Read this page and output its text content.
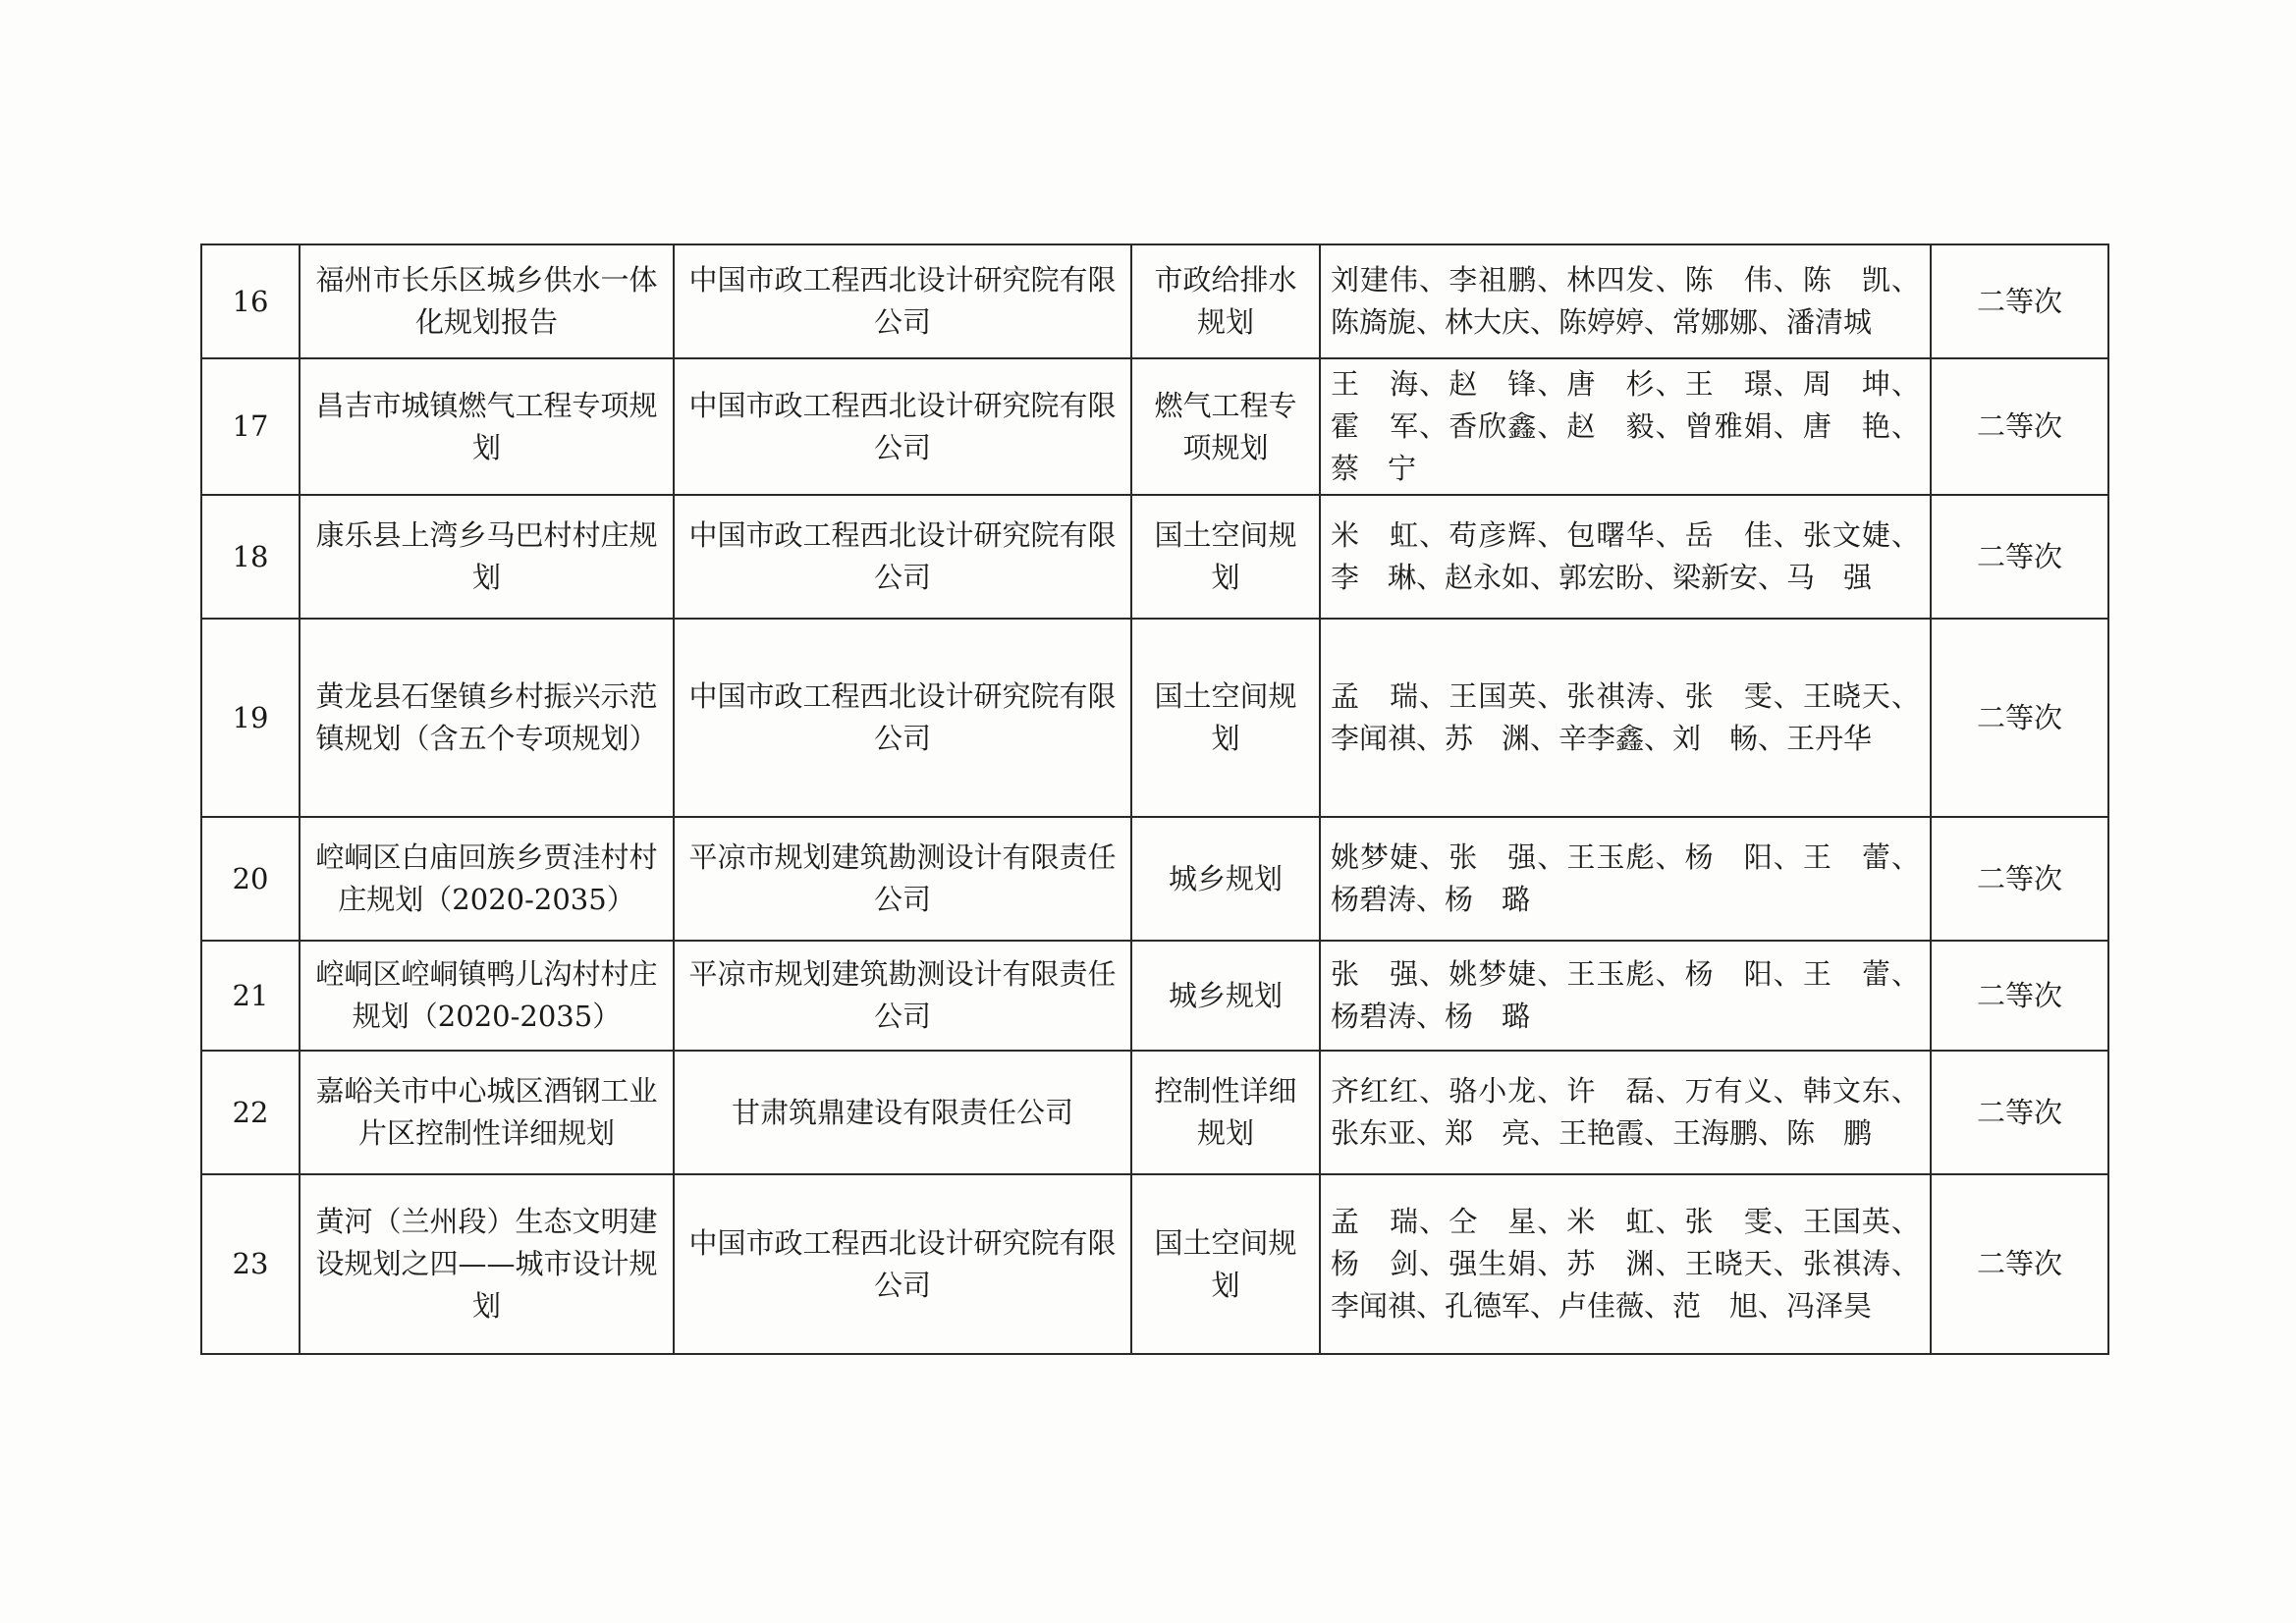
16	福州市长乐区城乡供水一体化规划报告	中国市政工程西北设计研究院有限公司	市政给排水规划	刘建伟、李祖鹏、林四发、陈　伟、陈　凯、陈旖旎、林大庆、陈婷婷、常娜娜、潘清城	二等次
17	昌吉市城镇燃气工程专项规划	中国市政工程西北设计研究院有限公司	燃气工程专项规划	王　海、赵　锋、唐　杉、王　璟、周　坤、霍　军、香欣鑫、赵　毅、曾雅娟、唐　艳、蔡　宁	二等次
18	康乐县上湾乡马巴村村庄规划	中国市政工程西北设计研究院有限公司	国土空间规划	米　虹、苟彦辉、包曙华、岳　佳、张文婕、李　琳、赵永如、郭宏盼、梁新安、马　强	二等次
19	黄龙县石堡镇乡村振兴示范镇规划（含五个专项规划）	中国市政工程西北设计研究院有限公司	国土空间规划	孟　瑞、王国英、张祺涛、张　雯、王晓天、李闻祺、苏　渊、辛李鑫、刘　畅、王丹华	二等次
20	崆峒区白庙回族乡贾洼村村庄规划（2020-2035）	平凉市规划建筑勘测设计有限责任公司	城乡规划	姚梦婕、张　强、王玉彪、杨　阳、王　蕾、杨碧涛、杨　璐	二等次
21	崆峒区崆峒镇鸭儿沟村村庄规划（2020-2035）	平凉市规划建筑勘测设计有限责任公司	城乡规划	张　强、姚梦婕、王玉彪、杨　阳、王　蕾、杨碧涛、杨　璐	二等次
22	嘉峪关市中心城区酒钢工业片区控制性详细规划	甘肃筑鼎建设有限责任公司	控制性详细规划	齐红红、骆小龙、许　磊、万有义、韩文东、张东亚、郑　亮、王艳霞、王海鹏、陈　鹏	二等次
23	黄河（兰州段）生态文明建设规划之四——城市设计规划	中国市政工程西北设计研究院有限公司	国土空间规划	孟　瑞、仝　星、米　虹、张　雯、王国英、杨　剑、强生娟、苏　渊、王晓天、张祺涛、李闻祺、孔德军、卢佳薇、范　旭、冯泽昊	二等次
